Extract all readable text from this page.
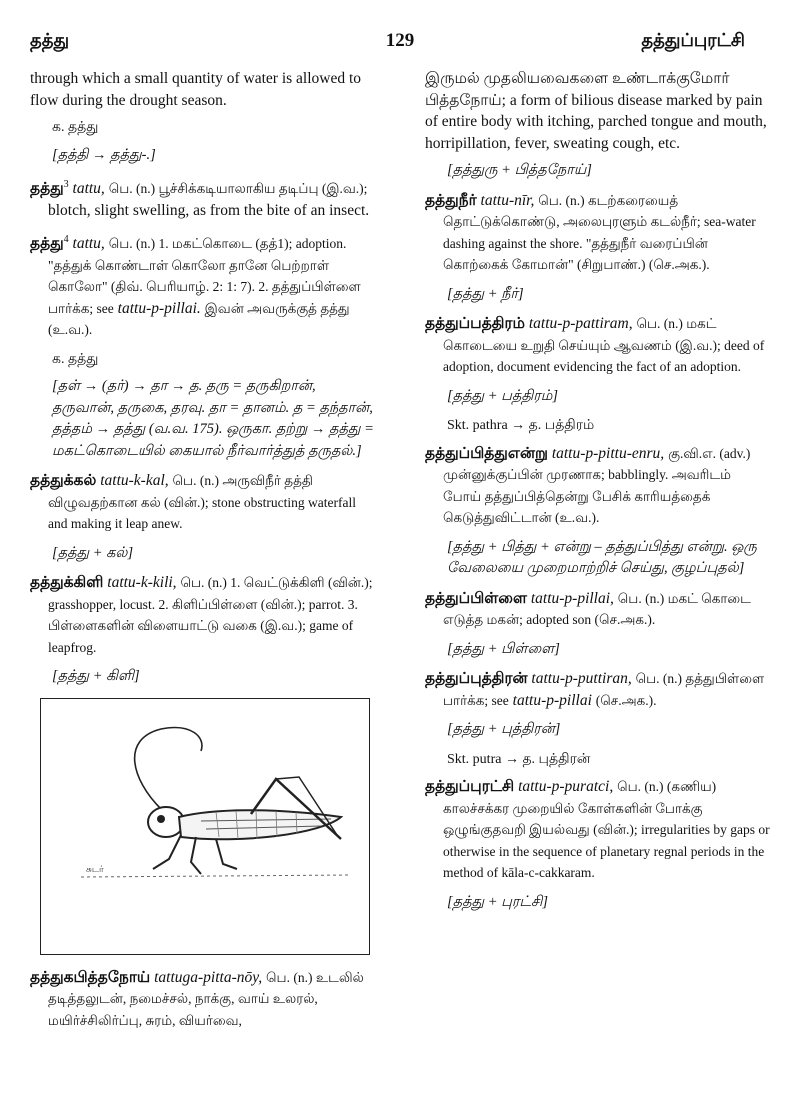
தத்து	129	தத்துப்புரட்சி

through which a small quantity of water is allowed to flow during the drought season.

க. தத்து
[தத்தி → தத்து-.]

தத்து$^3$ tattu, பெ. (n.) பூச்சிக்கடியாலாகிய தடிப்பு (இ.வ.); blotch, slight swelling, as from the bite of an insect.

தத்து$^4$ tattu, பெ. (n.) 1. மகட்கொடை (தத்1); adoption. "தத்துக் கொண்டாள் கொலோ தானே பெற்றாள் கொலோ" (திவ். பெரியாழ். 2: 1: 7). 2. தத்துப்பிள்ளை பார்க்க; see tattu-p-pillai. இவன் அவருக்குத் தத்து (உ.வ.).

க. தத்து
[தள் → (தர்) → தா → த. தரு = தருகிறான், தருவான், தருகை, தரவு. தா = தானம். த = தந்தான், தத்தம் → தத்து (வ.வ. 175). ஒருகா. தற்று → தத்து = மகட்கொடையில் கையால் நீர்வார்த்துத் தருதல்.]

தத்துக்கல் tattu-k-kal, பெ. (n.) அருவிநீர் தத்தி விழுவதற்கான கல் (வின்.); stone obstructing waterfall and making it leap anew.

[தத்து + கல்]

தத்துக்கிளி tattu-k-kili, பெ. (n.) 1. வெட்டுக்கிளி (வின்.); grasshopper, locust. 2. கிளிப்பிள்ளை (வின்.); parrot. 3. பிள்ளைகளின் விளையாட்டு வகை (இ.வ.); game of leapfrog.

[தத்து + கிளி]
சுடர்

தத்துகபித்தநோய் tattuga-pitta-nōy, பெ. (n.) உடலில் தடித்தலுடன், நமைச்சல், நாக்கு, வாய் உலரல், மயிர்ச்சிலிர்ப்பு, சுரம், வியர்வை,

இருமல் முதலியவைகளை உண்டாக்குமோர் பித்தநோய்; a form of bilious disease marked by pain of entire body with itching, parched tongue and mouth, horripillation, fever, sweating cough, etc.

[தத்துரு + பித்தநோய்]

தத்துநீர் tattu-nīr, பெ. (n.) கடற்கரையைத் தொட்டுக்கொண்டு, அலைபுரளும் கடல்நீர்; sea-water dashing against the shore. "தத்துநீர் வரைப்பின் கொற்கைக் கோமான்" (சிறுபாண்.) (செ.அக.).

[தத்து + நீர்]

தத்துப்பத்திரம் tattu-p-pattiram, பெ. (n.) மகட் கொடையை உறுதி செய்யும் ஆவணம் (இ.வ.); deed of adoption, document evidencing the fact of an adoption.

[தத்து + பத்திரம்]
Skt. pathra → த. பத்திரம்

தத்துப்பித்துஎன்று tattu-p-pittu-enru, கு.வி.எ. (adv.) முன்னுக்குப்பின் முரணாக; babblingly. அவரிடம் போய் தத்துப்பித்தென்று பேசிக் காரியத்தைக் கெடுத்துவிட்டான் (உ.வ.).

[தத்து + பித்து + என்று – தத்துப்பித்து என்று. ஒரு வேலையை முறைமாற்றிச் செய்து, குழப்புதல்]

தத்துப்பிள்ளை tattu-p-pillai, பெ. (n.) மகட் கொடை எடுத்த மகன்; adopted son (செ.அக.).

[தத்து + பிள்ளை]

தத்துப்புத்திரன் tattu-p-puttiran, பெ. (n.) தத்துபிள்ளை பார்க்க; see tattu-p-pillai (செ.அக.).

[தத்து + புத்திரன்]
Skt. putra → த. புத்திரன்

தத்துப்புரட்சி tattu-p-puratci, பெ. (n.) (கணிய) காலச்சக்கர முறையில் கோள்களின் போக்கு ஒழுங்குதவறி இயல்வது (வின்.); irregularities by gaps or otherwise in the sequence of planetary regnal periods in the method of kāla-c-cakkaram.

[தத்து + புரட்சி]
